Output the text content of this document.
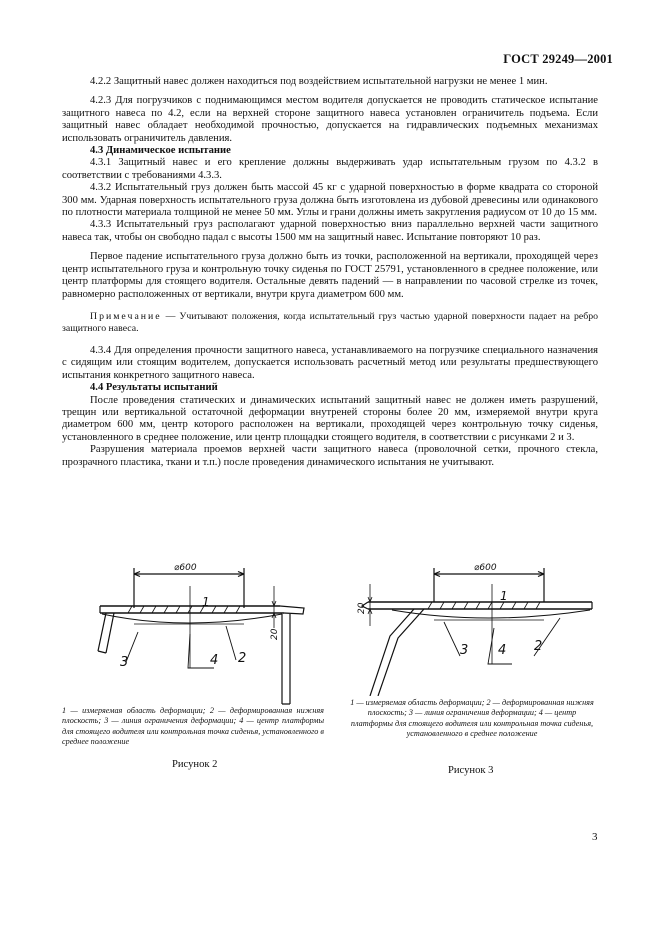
ГОСТ 29249—2001

4.2.2 Защитный навес должен находиться под воздействием испытательной нагрузки не менее 1 мин.

4.2.3 Для погрузчиков с поднимающимся местом водителя допускается не проводить статическое испытание защитного навеса по 4.2, если на верхней стороне защитного навеса установлен ограничитель подъема. Если защитный навес обладает необходимой прочностью, допускается на гидравлических подъемных механизмах использовать ограничитель давления.

4.3 Динамическое испытание

4.3.1 Защитный навес и его крепление должны выдерживать удар испытательным грузом по 4.3.2 в соответствии с требованиями 4.3.3.

4.3.2 Испытательный груз должен быть массой 45 кг с ударной поверхностью в форме квадрата со стороной 300 мм. Ударная поверхность испытательного груза должна быть изготовлена из дубовой древесины или одинакового по плотности материала толщиной не менее 50 мм. Углы и грани должны иметь закругления радиусом от 10 до 15 мм.

4.3.3 Испытательный груз располагают ударной поверхностью вниз параллельно верхней части защитного навеса так, чтобы он свободно падал с высоты 1500 мм на защитный навес. Испытание повторяют 10 раз.

Первое падение испытательного груза должно быть из точки, расположенной на вертикали, проходящей через центр испытательного груза и контрольную точку сиденья по ГОСТ 25791, установленного в среднее положение, или центр платформы для стоящего водителя. Остальные девять падений — в направлении по часовой стрелке из точек, равномерно расположенных от вертикали, внутри круга диаметром 600 мм.

Примечание — Учитывают положения, когда испытательный груз частью ударной поверхности падает на ребро защитного навеса.

4.3.4 Для определения прочности защитного навеса, устанавливаемого на погрузчике специального назначения с сидящим или стоящим водителем, допускается использовать расчетный метод или результаты предшествующего испытания конкретного защитного навеса.

4.4 Результаты испытаний

После проведения статических и динамических испытаний защитный навес не должен иметь разрушений, трещин или вертикальной остаточной деформации внутреней стороны более 20 мм, измеряемой внутри круга диаметром 600 мм, центр которого расположен на вертикали, проходящей через контрольную точку сиденья, установленного в среднее положение, или центр площадки стоящего водителя, в соответствии с рисунками 2 и 3.

Разрушения материала проемов верхней части защитного навеса (проволочной сетки, прочного стекла, прозрачного пластика, ткани и т.п.) после проведения динамического испытания не учитывают.

⌀600
20
1
2
3	4
⌀600
20
1
2
3 4
1 — измеряемая область деформации; 2 — деформированная нижняя плоскость; 3 — линия ограничения деформации; 4 — центр платформы для стоящего водителя или контрольная точка сиденья, установленного в среднее положение
1 — измеряемая область деформации; 2 — деформированная нижняя плоскость; 3 — линия ограничения деформации; 4 — центр платформы для стоящего водителя или контрольная точка сиденья, установленного в среднее положение
Рисунок 2
Рисунок 3
3
